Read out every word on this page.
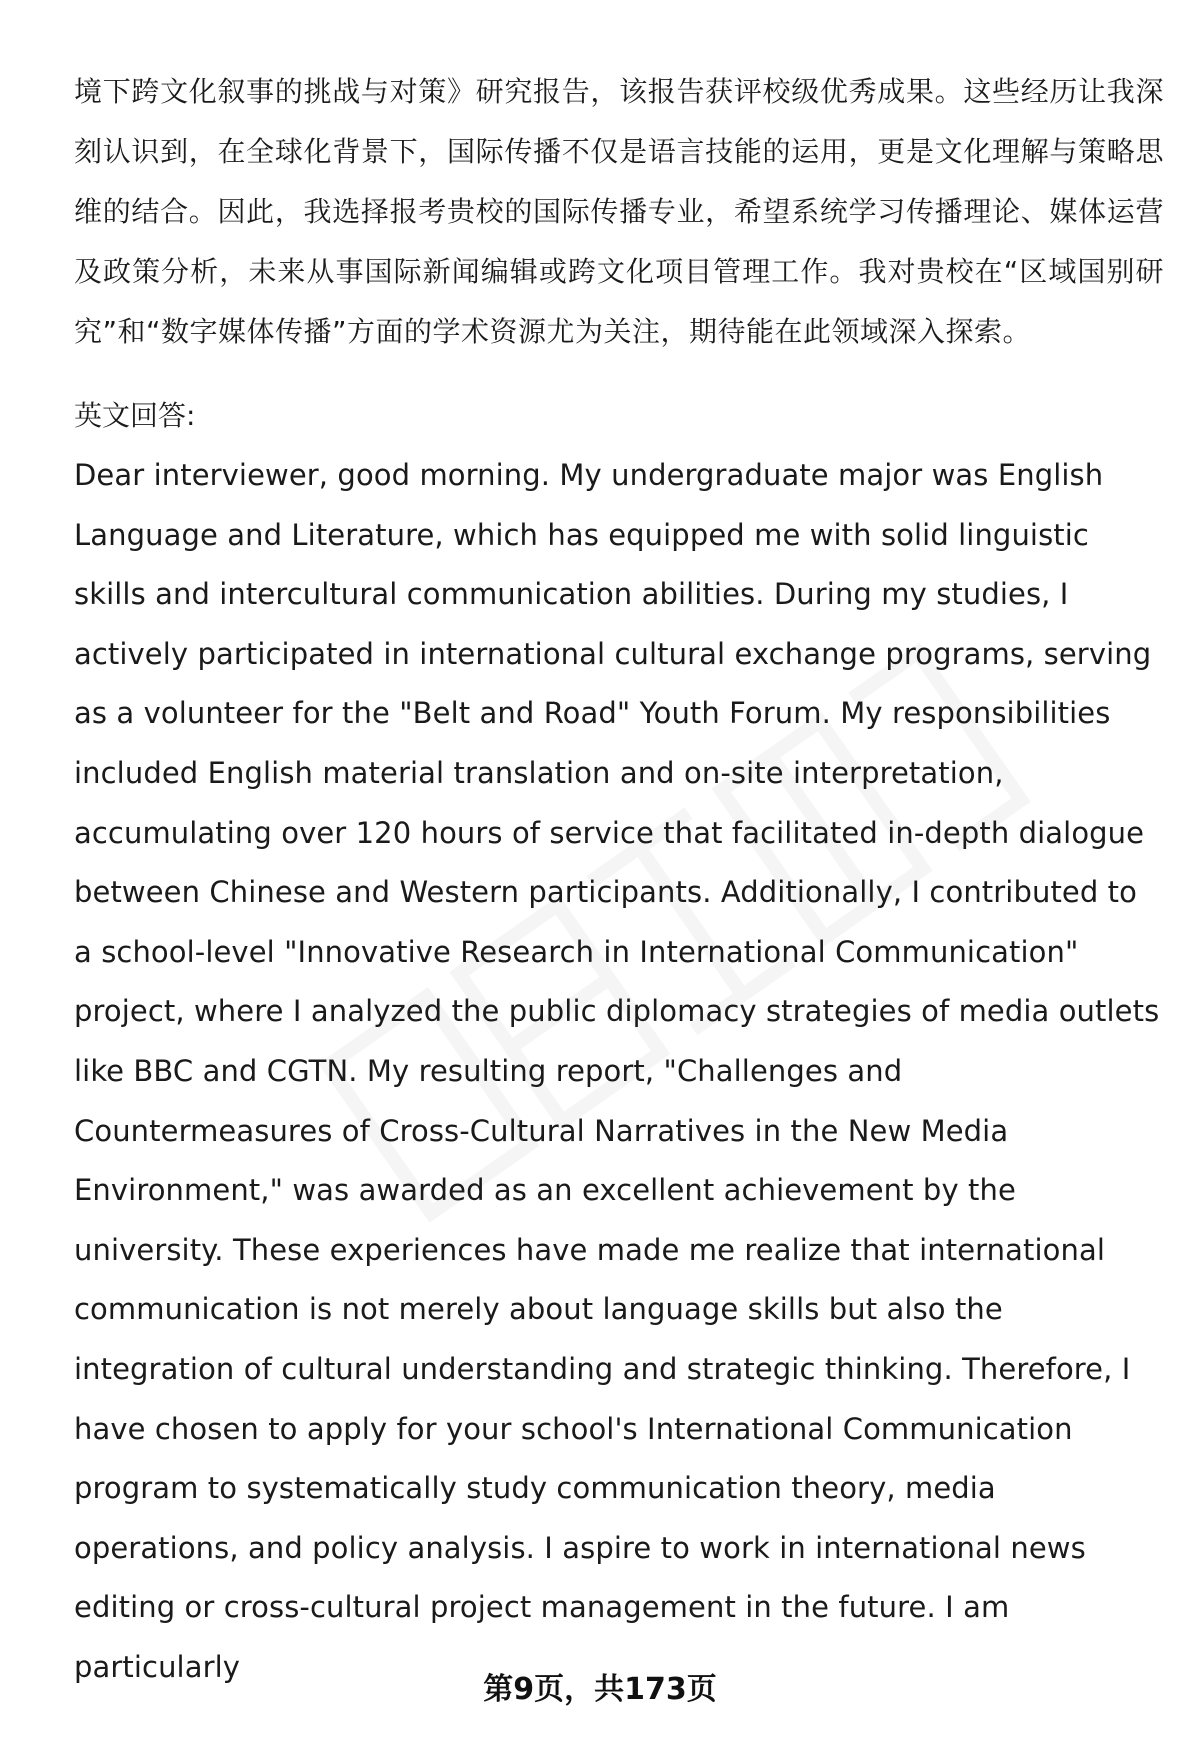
境下跨文化叙事的挑战与对策》研究报告，该报告获评校级优秀成果。这些经历让我深刻认识到，在全球化背景下，国际传播不仅是语言技能的运用，更是文化理解与策略思维的结合。因此，我选择报考贵校的国际传播专业，希望系统学习传播理论、媒体运营及政策分析，未来从事国际新闻编辑或跨文化项目管理工作。我对贵校在“区域国别研究”和“数字媒体传播”方面的学术资源尤为关注，期待能在此领域深入探索。

英文回答:

Dear interviewer, good morning. My undergraduate major was English Language and Literature, which has equipped me with solid linguistic skills and intercultural communication abilities. During my studies, I actively participated in international cultural exchange programs, serving as a volunteer for the "Belt and Road" Youth Forum. My responsibilities included English material translation and on-site interpretation, accumulating over 120 hours of service that facilitated in-depth dialogue between Chinese and Western participants. Additionally, I contributed to a school-level "Innovative Research in International Communication" project, where I analyzed the public diplomacy strategies of media outlets like BBC and CGTN. My resulting report, "Challenges and Countermeasures of Cross-Cultural Narratives in the New Media Environment," was awarded as an excellent achievement by the university. These experiences have made me realize that international communication is not merely about language skills but also the integration of cultural understanding and strategic thinking. Therefore, I have chosen to apply for your school's International Communication program to systematically study communication theory, media operations, and policy analysis. I aspire to work in international news editing or cross-cultural project management in the future. I am particularly

第9页，共173页
